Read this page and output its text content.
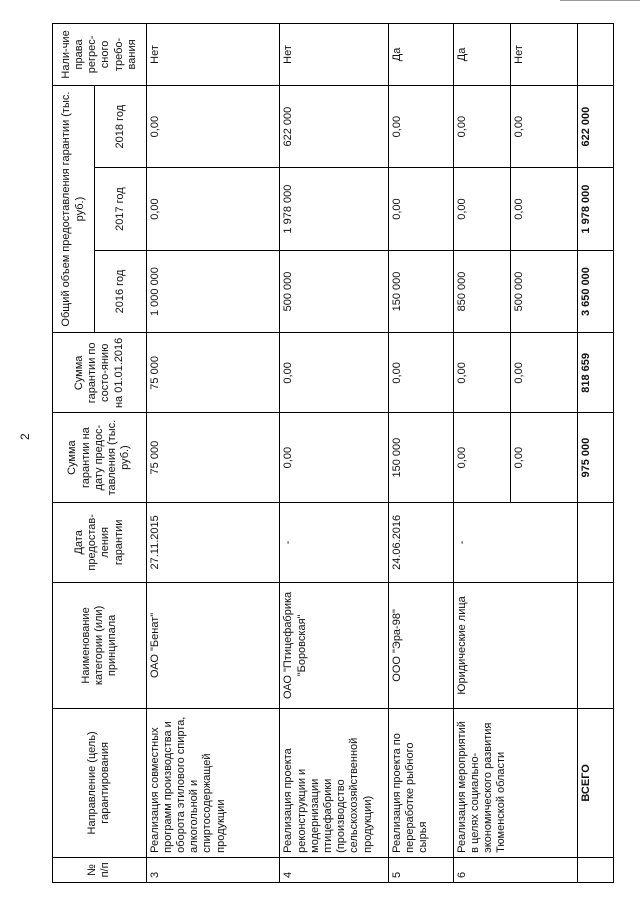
2
№ п/п	Направление (цель) гарантирования	Наименование категории (или) принципала	Дата предостав-ления гарантии	Сумма гарантии на дату предос-тавления (тыс. руб.)	Сумма гарантии по состо-янию на 01.01.2016	Общий объем предоставления гарантии (тыс. руб.)			Нали-чие права регрес-сного требо-вания
						2016 год	2017 год	2018 год	
3	Реализация совместных программ производства и оборота этилового спирта, алкогольной и спиртосодержащей продукции	ОАО "Бенат"	27.11.2015	75 000	75 000	1 000 000	0,00	0,00	Нет
4	Реализация проекта реконструкции и модернизации птицефабрики (производство сельскохозяйственной продукции)	ОАО "Птицефабрика "Боровская"	-	0,00	0,00	500 000	1 978 000	622 000	Нет
5	Реализация проекта по переработке рыбного сырья	ООО "Эра-98"	24.06.2016	150 000	0,00	150 000	0,00	0,00	Да
6	Реализация мероприятий в целях социально-экономического развития Тюменской области	Юридические лица	-	0,00	0,00	850 000	0,00	0,00	Да
				0,00	0,00	500 000	0,00	0,00	Нет
	ВСЕГО			975 000	818 659	3 650 000	1 978 000	622 000	
